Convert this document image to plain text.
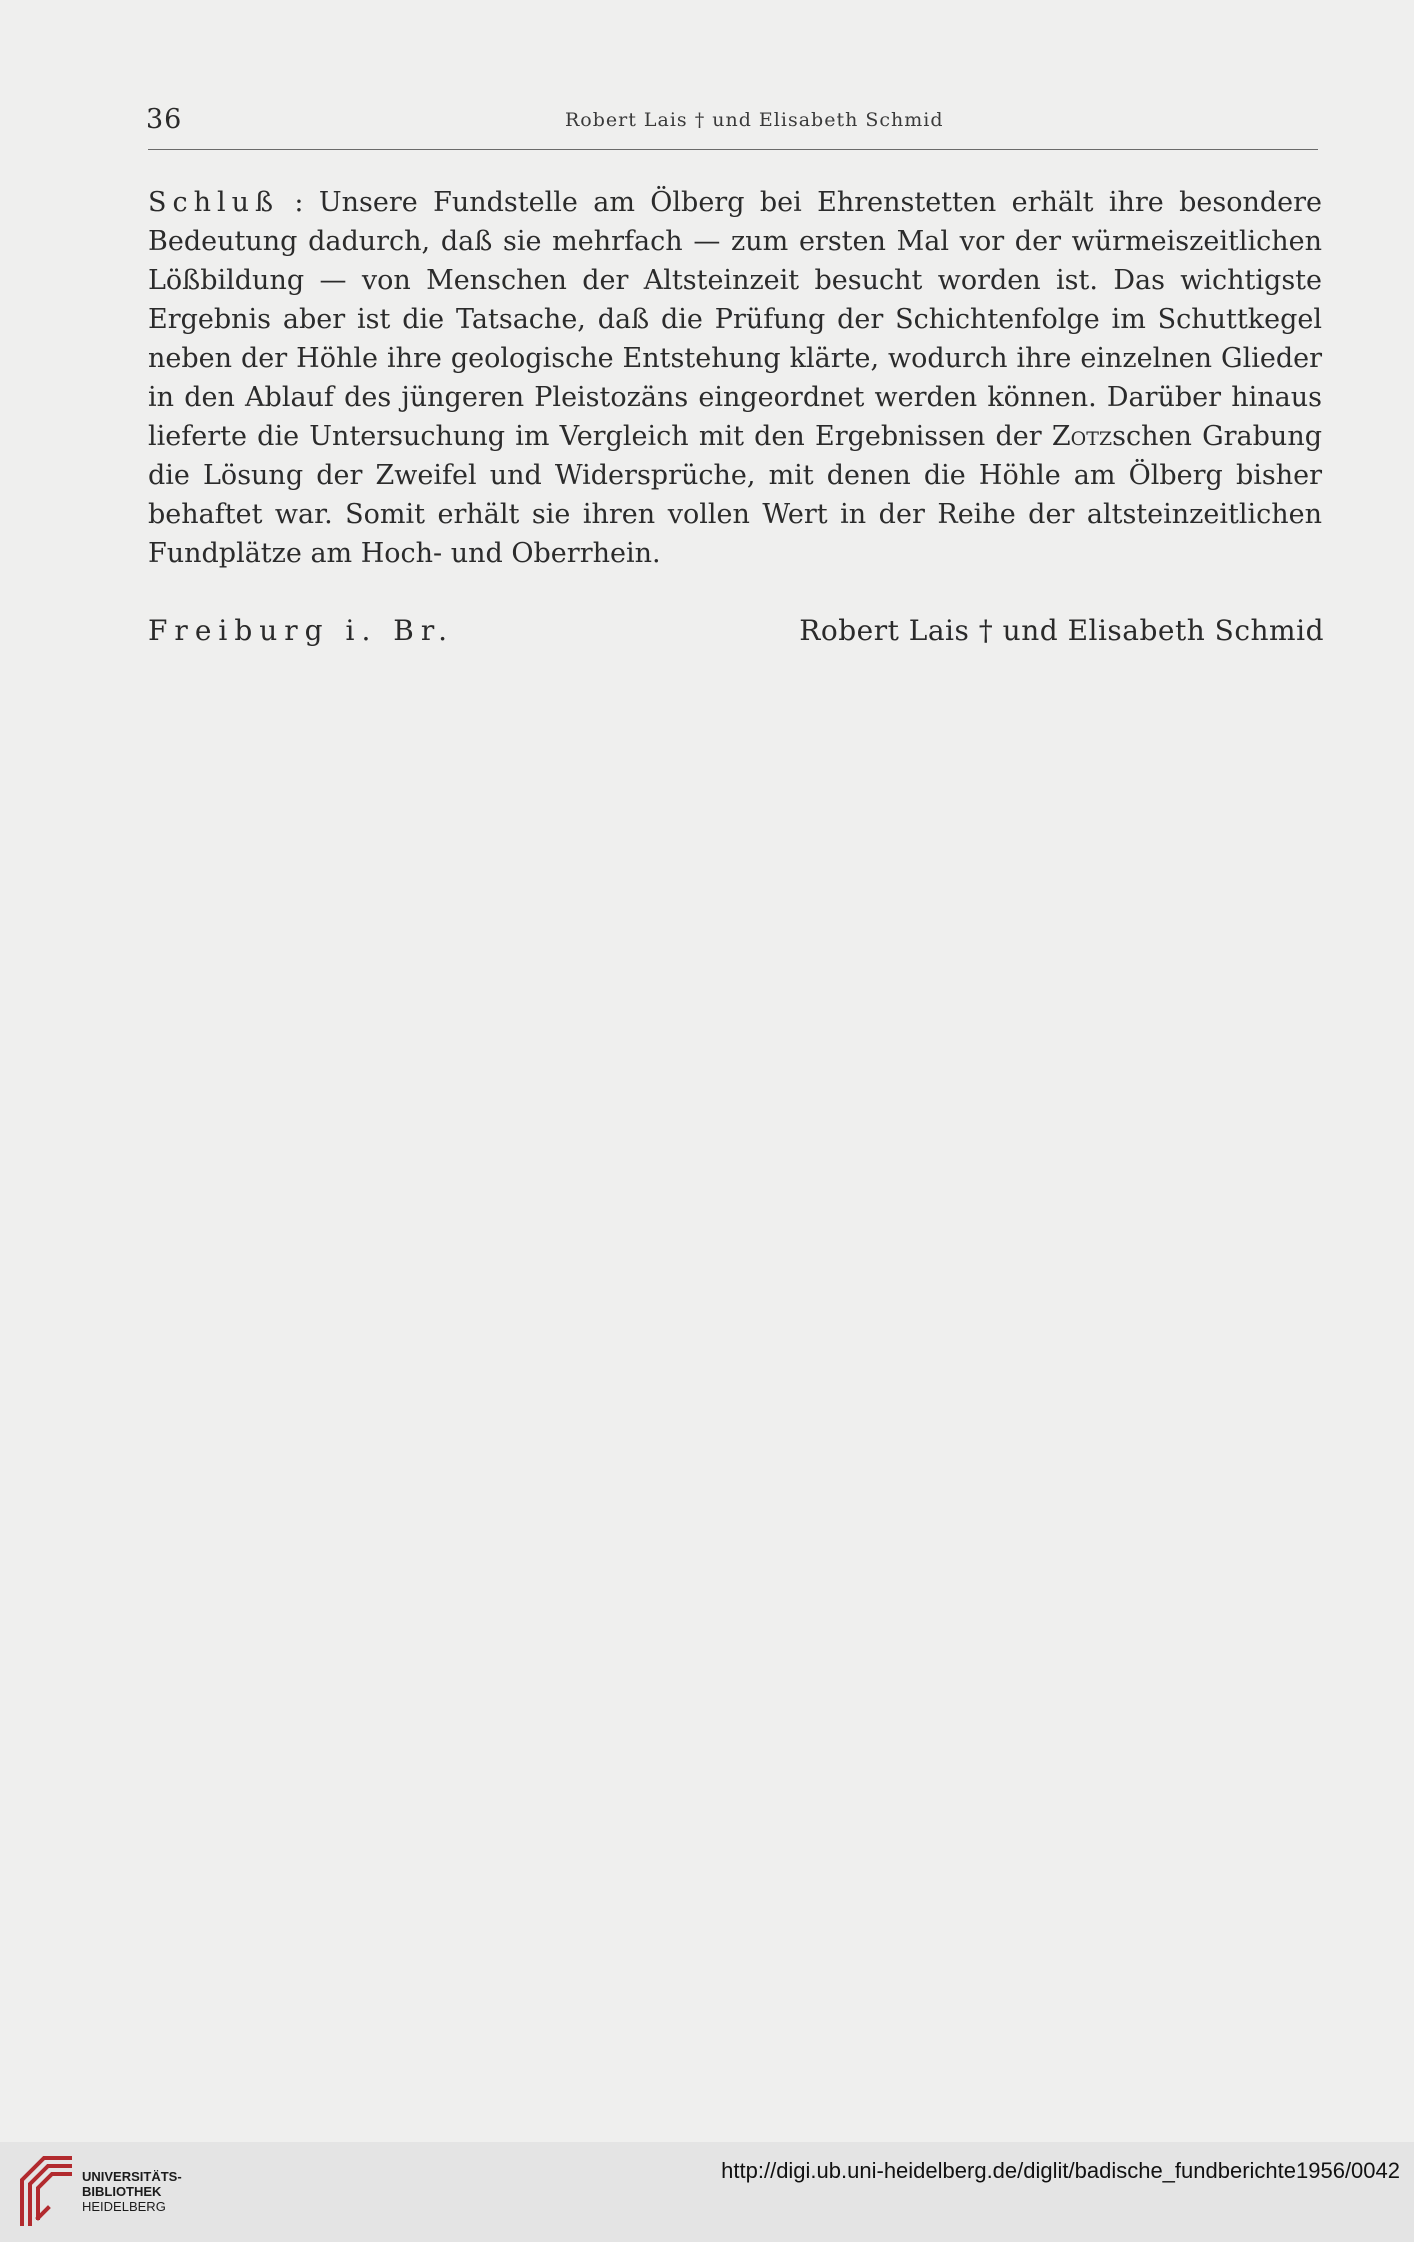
36	Robert Lais † und Elisabeth Schmid
Schluß : Unsere Fundstelle am Ölberg bei Ehrenstetten erhält ihre besondere Bedeutung dadurch, daß sie mehrfach — zum ersten Mal vor der würmeiszeitlichen Lößbildung — von Menschen der Altsteinzeit besucht worden ist. Das wichtigste Ergebnis aber ist die Tatsache, daß die Prüfung der Schichtenfolge im Schuttkegel neben der Höhle ihre geologische Entstehung klärte, wodurch ihre einzelnen Glieder in den Ablauf des jüngeren Pleistozäns eingeordnet werden können. Darüber hinaus lieferte die Untersuchung im Vergleich mit den Ergebnissen der Zotzschen Grabung die Lösung der Zweifel und Widersprüche, mit denen die Höhle am Ölberg bisher behaftet war. Somit erhält sie ihren vollen Wert in der Reihe der altsteinzeitlichen Fundplätze am Hoch- und Oberrhein.
Freiburg i. Br.	Robert Lais † und Elisabeth Schmid
UNIVERSITÄTS-
BIBLIOTHEK
HEIDELBERG
http://digi.ub.uni-heidelberg.de/diglit/badische_fundberichte1956/0042
